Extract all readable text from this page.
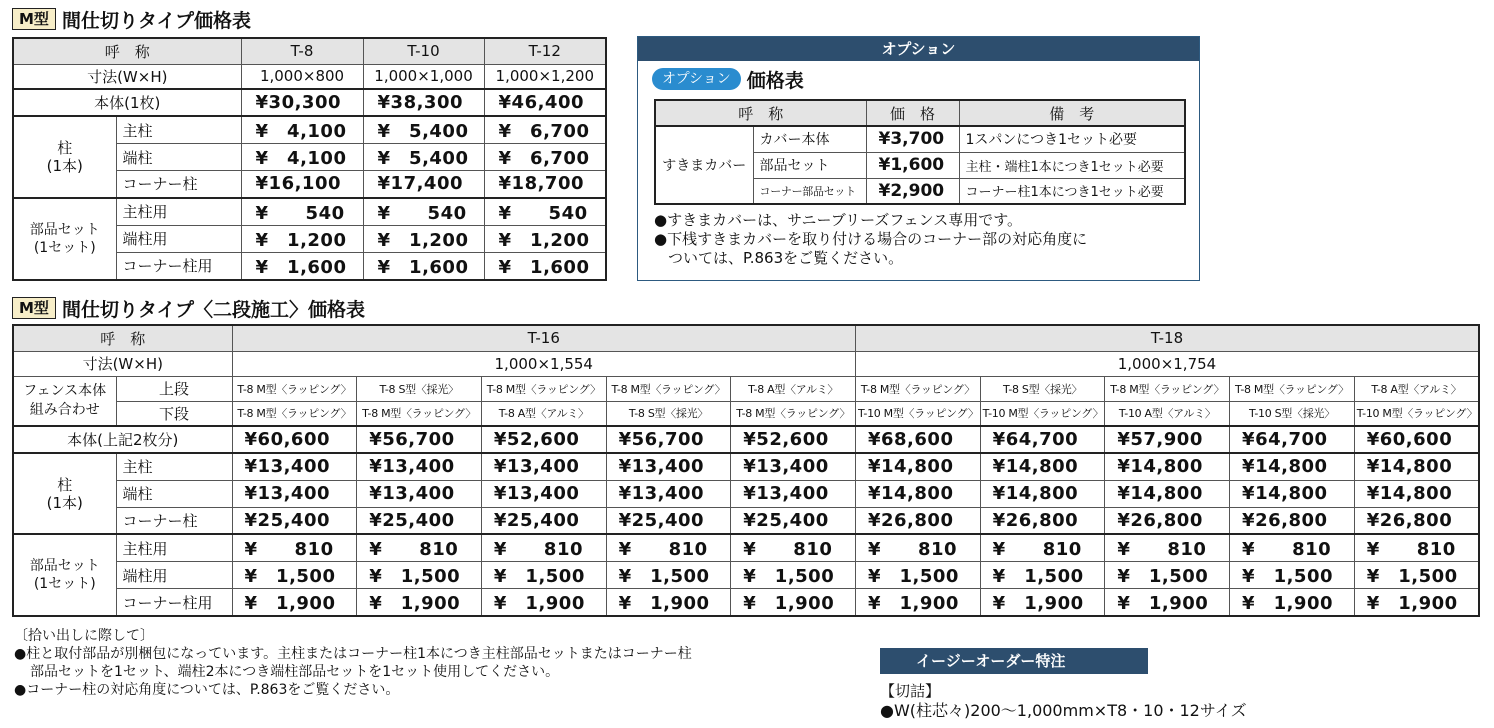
M型 間仕切りタイプ価格表
呼　称		T-8	T-10	T-12
寸法(W×H)		1,000×800	1,000×1,000	1,000×1,200
本体(1枚)		¥30,300	¥38,300	¥46,400
柱
(1本)	主柱	¥　4,100	¥　5,400	¥　6,700
	端柱	¥　4,100	¥　5,400	¥　6,700
	コーナー柱	¥16,100	¥17,400	¥18,700
部品セット
(1セット)	主柱用	¥　　540	¥　　540	¥　　540
	端柱用	¥　1,200	¥　1,200	¥　1,200
	コーナー柱用	¥　1,600	¥　1,600	¥　1,600
オプション
オプション 価格表
呼　称		価　格	備　考
すきまカバー	カバー本体	¥3,700	1スパンにつき1セット必要
	部品セット	¥1,600	主柱・端柱1本につき1セット必要
	コーナー部品セット	¥2,900	コーナー柱1本につき1セット必要
●すきまカバーは、サニーブリーズフェンス専用です。
●下桟すきまカバーを取り付ける場合のコーナー部の対応角度に
ついては、P.863をご覧ください。
M型 間仕切りタイプ〈二段施工〉価格表
呼　称		T-16					T-18				
寸法(W×H)		1,000×1,554					1,000×1,754				
フェンス本体
組み合わせ	上段	T-8 M型〈ラッピング〉	T-8 S型〈採光〉	T-8 M型〈ラッピング〉	T-8 M型〈ラッピング〉	T-8 A型〈アルミ〉	T-8 M型〈ラッピング〉	T-8 S型〈採光〉	T-8 M型〈ラッピング〉	T-8 M型〈ラッピング〉	T-8 A型〈アルミ〉
	下段	T-8 M型〈ラッピング〉	T-8 M型〈ラッピング〉	T-8 A型〈アルミ〉	T-8 S型〈採光〉	T-8 M型〈ラッピング〉	T-10 M型〈ラッピング〉	T-10 M型〈ラッピング〉	T-10 A型〈アルミ〉	T-10 S型〈採光〉	T-10 M型〈ラッピング〉
本体(上記2枚分)		¥60,600	¥56,700	¥52,600	¥56,700	¥52,600	¥68,600	¥64,700	¥57,900	¥64,700	¥60,600
柱
(1本)	主柱	¥13,400	¥13,400	¥13,400	¥13,400	¥13,400	¥14,800	¥14,800	¥14,800	¥14,800	¥14,800
	端柱	¥13,400	¥13,400	¥13,400	¥13,400	¥13,400	¥14,800	¥14,800	¥14,800	¥14,800	¥14,800
	コーナー柱	¥25,400	¥25,400	¥25,400	¥25,400	¥25,400	¥26,800	¥26,800	¥26,800	¥26,800	¥26,800
部品セット
(1セット)	主柱用	¥　　810	¥　　810	¥　　810	¥　　810	¥　　810	¥　　810	¥　　810	¥　　810	¥　　810	¥　　810
	端柱用	¥　1,500	¥　1,500	¥　1,500	¥　1,500	¥　1,500	¥　1,500	¥　1,500	¥　1,500	¥　1,500	¥　1,500
	コーナー柱用	¥　1,900	¥　1,900	¥　1,900	¥　1,900	¥　1,900	¥　1,900	¥　1,900	¥　1,900	¥　1,900	¥　1,900
〔拾い出しに際して〕
●柱と取付部品が別梱包になっています。主柱またはコーナー柱1本につき主柱部品セットまたはコーナー柱
部品セットを1セット、端柱2本につき端柱部品セットを1セット使用してください。
●コーナー柱の対応角度については、P.863をご覧ください。
イージーオーダー特注
【切詰】
●W(柱芯々)200〜1,000mm×T8・10・12サイズ
